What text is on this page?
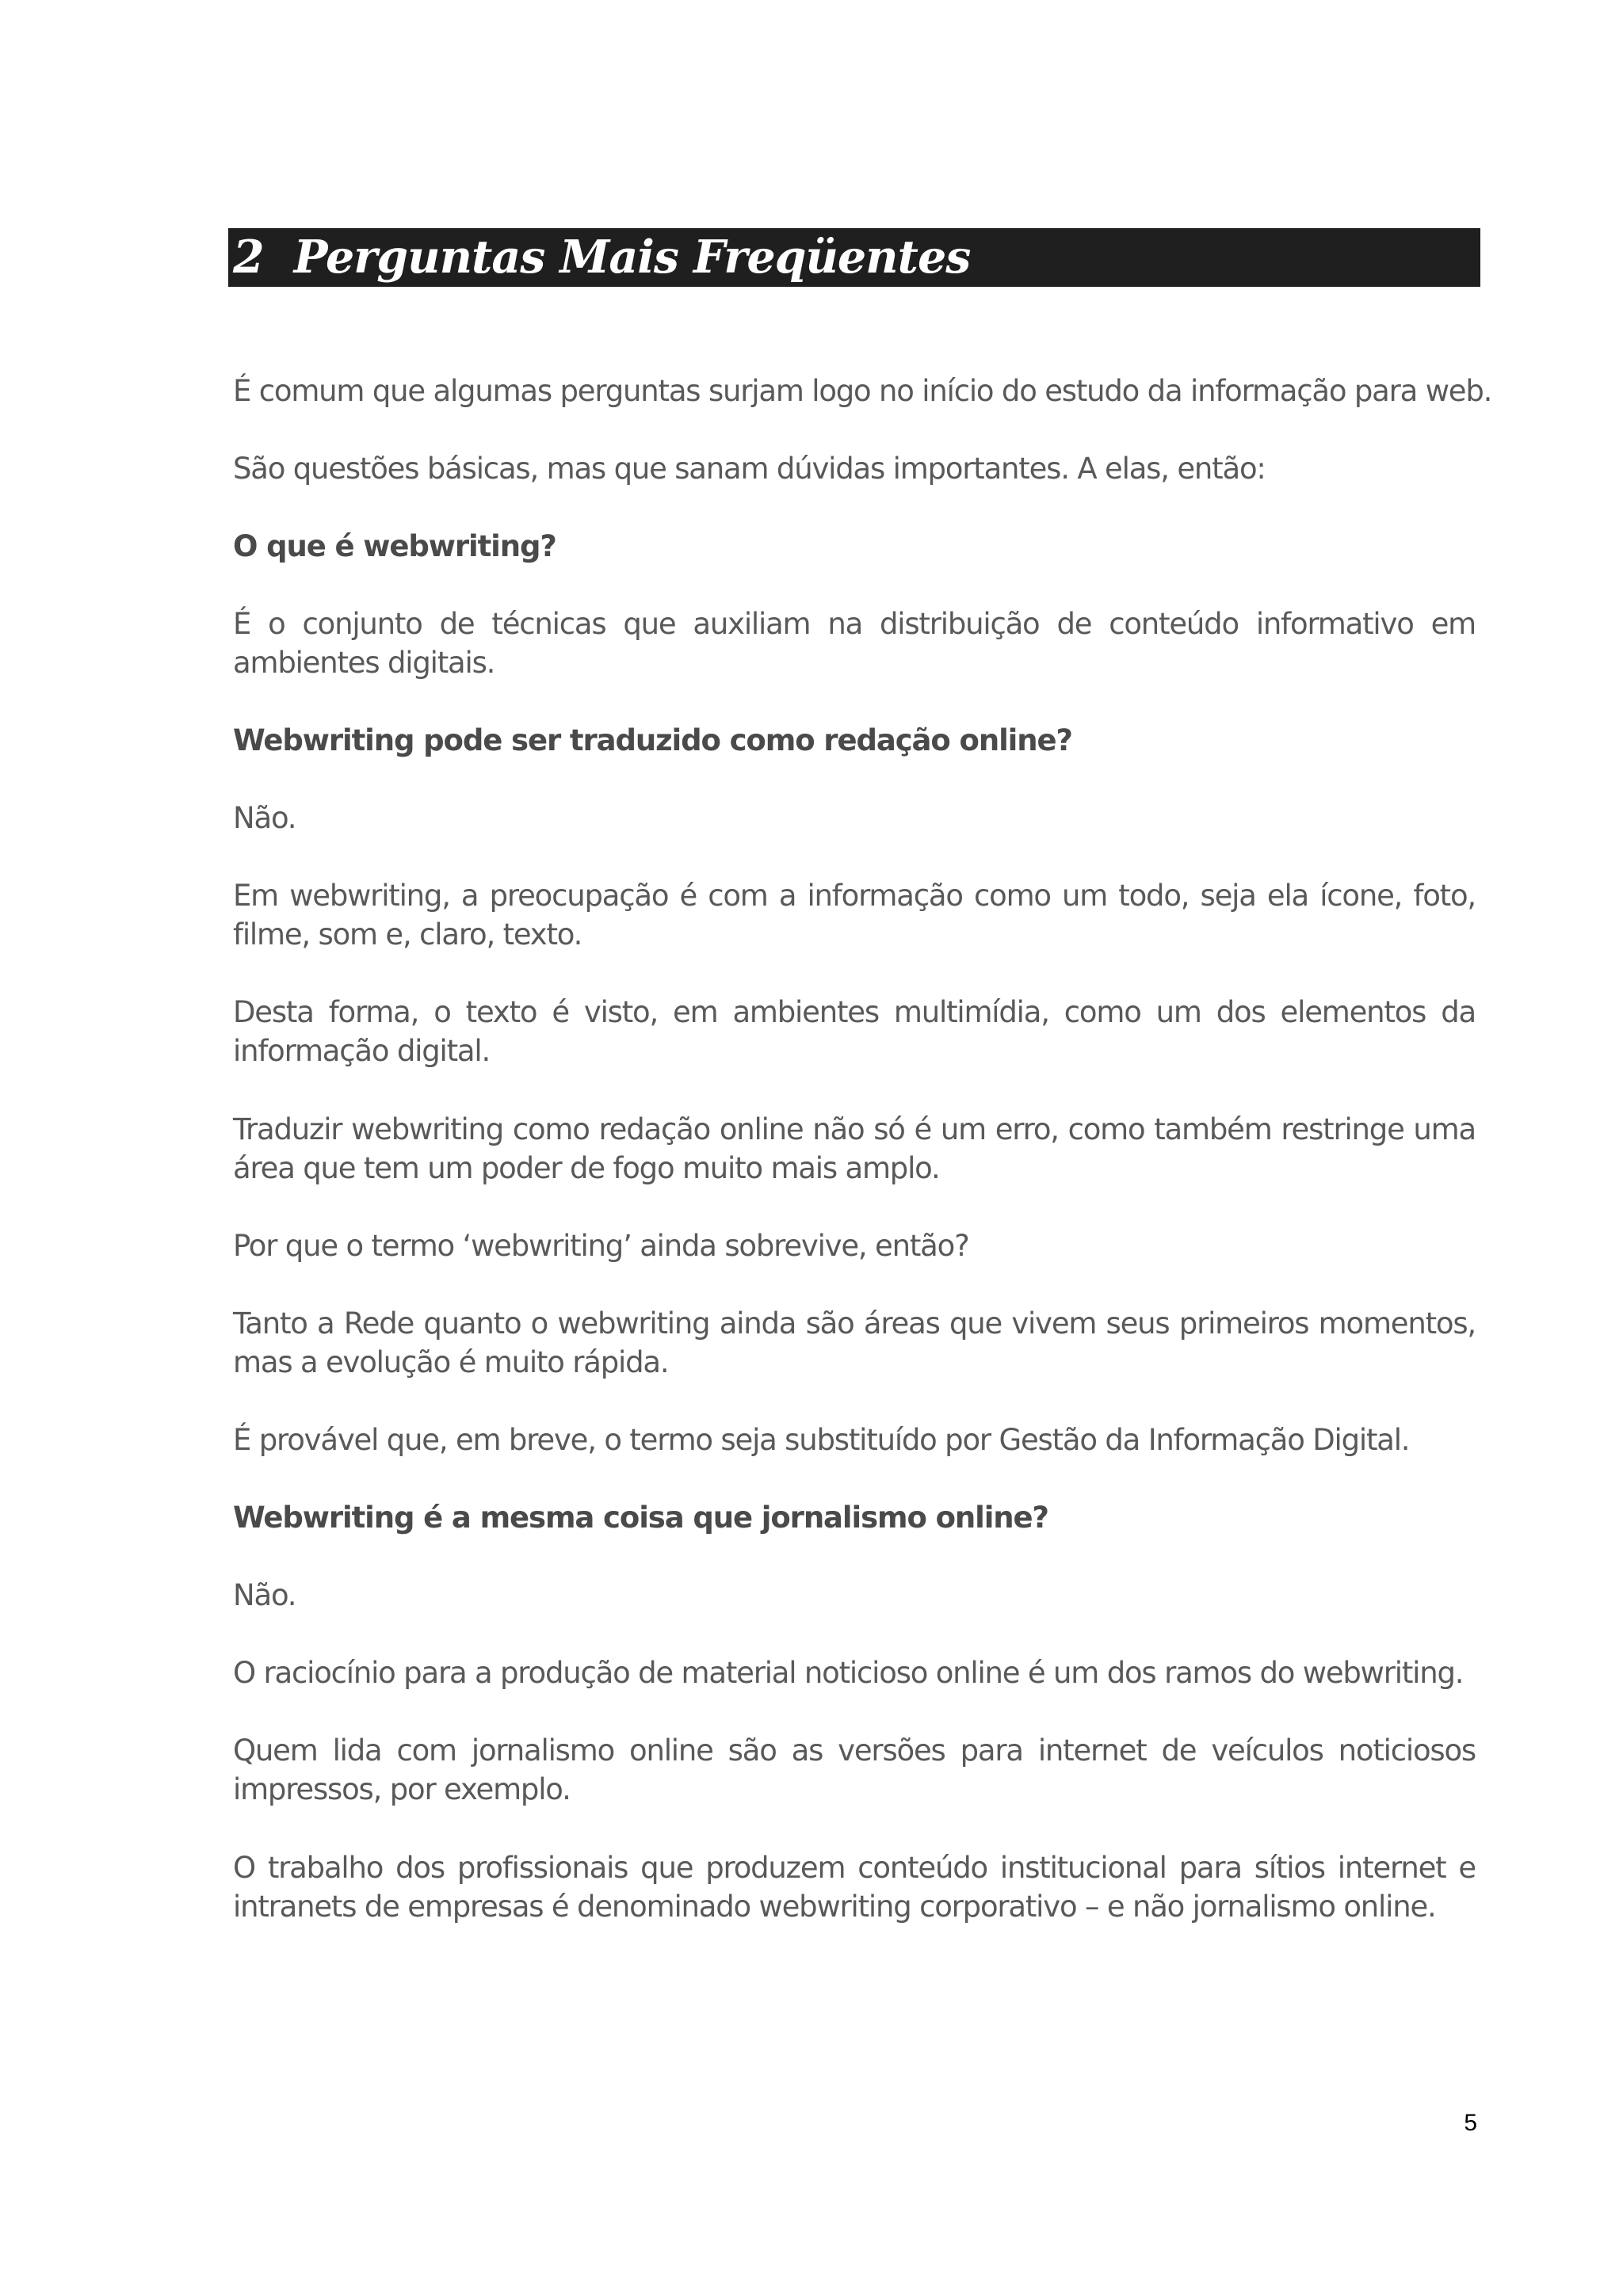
2 Perguntas Mais Freqüentes

É comum que algumas perguntas surjam logo no início do estudo da informação para web.

São questões básicas, mas que sanam dúvidas importantes. A elas, então:

O que é webwriting?

É o conjunto de técnicas que auxiliam na distribuição de conteúdo informativo em ambientes digitais.

Webwriting pode ser traduzido como redação online?

Não.

Em webwriting, a preocupação é com a informação como um todo, seja ela ícone, foto, filme, som e, claro, texto.

Desta forma, o texto é visto, em ambientes multimídia, como um dos elementos da informação digital.

Traduzir webwriting como redação online não só é um erro, como também restringe uma área que tem um poder de fogo muito mais amplo.

Por que o termo ‘webwriting’ ainda sobrevive, então?

Tanto a Rede quanto o webwriting ainda são áreas que vivem seus primeiros momentos, mas a evolução é muito rápida.

É provável que, em breve, o termo seja substituído por Gestão da Informação Digital.

Webwriting é a mesma coisa que jornalismo online?

Não.

O raciocínio para a produção de material noticioso online é um dos ramos do webwriting.

Quem lida com jornalismo online são as versões para internet de veículos noticiosos impressos, por exemplo.

O trabalho dos profissionais que produzem conteúdo institucional para sítios internet e intranets de empresas é denominado webwriting corporativo – e não jornalismo online.

5
